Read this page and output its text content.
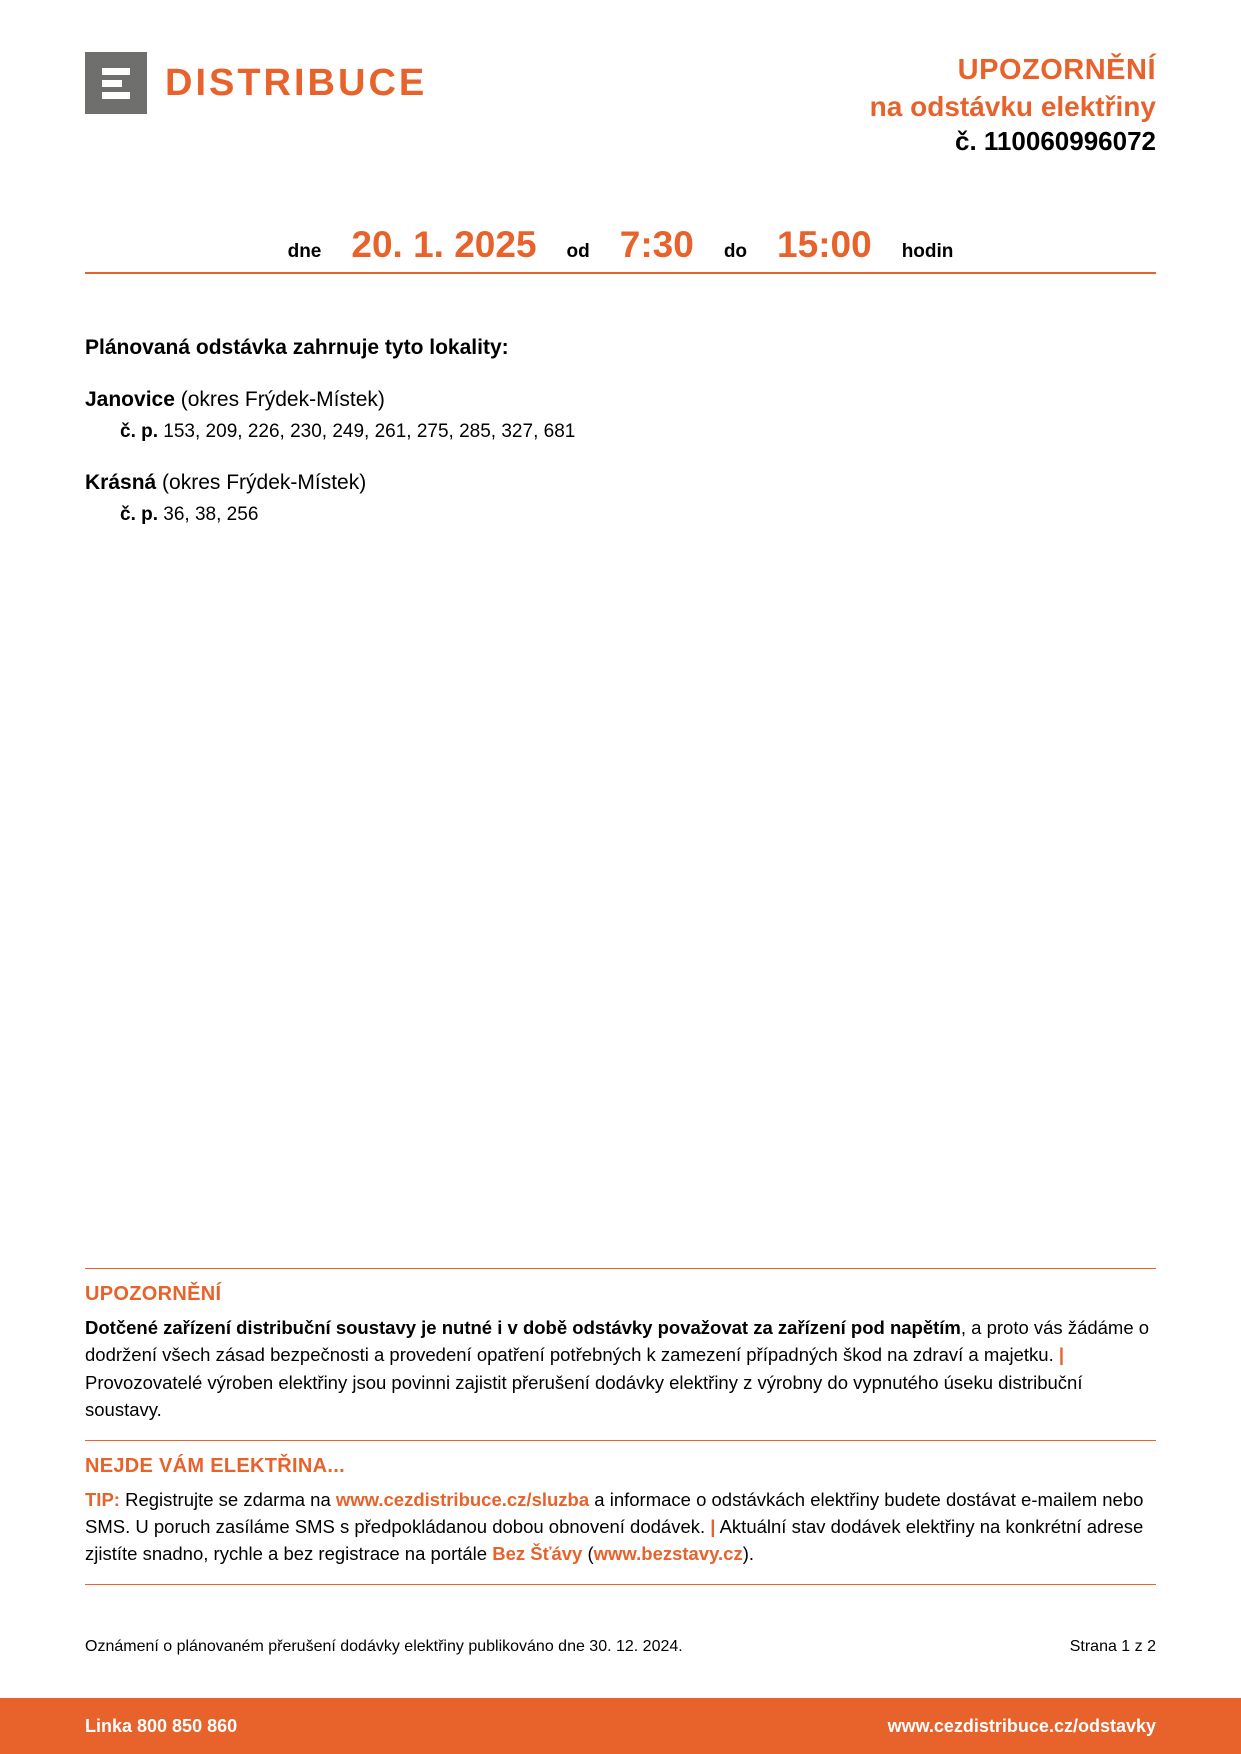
DISTRIBUCE	UPOZORNĚNÍ
na odstávku elektřiny
č. 110060996072
dne 20. 1. 2025 od 7:30 do 15:00 hodin
Plánovaná odstávka zahrnuje tyto lokality:
Janovice (okres Frýdek-Místek)
č. p. 153, 209, 226, 230, 249, 261, 275, 285, 327, 681
Krásná (okres Frýdek-Místek)
č. p. 36, 38, 256
UPOZORNĚNÍ

Dotčené zařízení distribuční soustavy je nutné i v době odstávky považovat za zařízení pod napětím, a proto vás žádáme o dodržení všech zásad bezpečnosti a provedení opatření potřebných k zamezení případných škod na zdraví a majetku. | Provozovatelé výroben elektřiny jsou povinni zajistit přerušení dodávky elektřiny z výrobny do vypnutého úseku distribuční soustavy.

NEJDE VÁM ELEKTŘINA...

TIP: Registrujte se zdarma na www.cezdistribuce.cz/sluzba a informace o odstávkách elektřiny budete dostávat e-mailem nebo SMS. U poruch zasíláme SMS s předpokládanou dobou obnovení dodávek. | Aktuální stav dodávek elektřiny na konkrétní adrese zjistíte snadno, rychle a bez registrace na portále Bez Šťávy (www.bezstavy.cz).

Oznámení o plánovaném přerušení dodávky elektřiny publikováno dne 30. 12. 2024.	Strana 1 z 2
Linka 800 850 860	www.cezdistribuce.cz/odstavky
